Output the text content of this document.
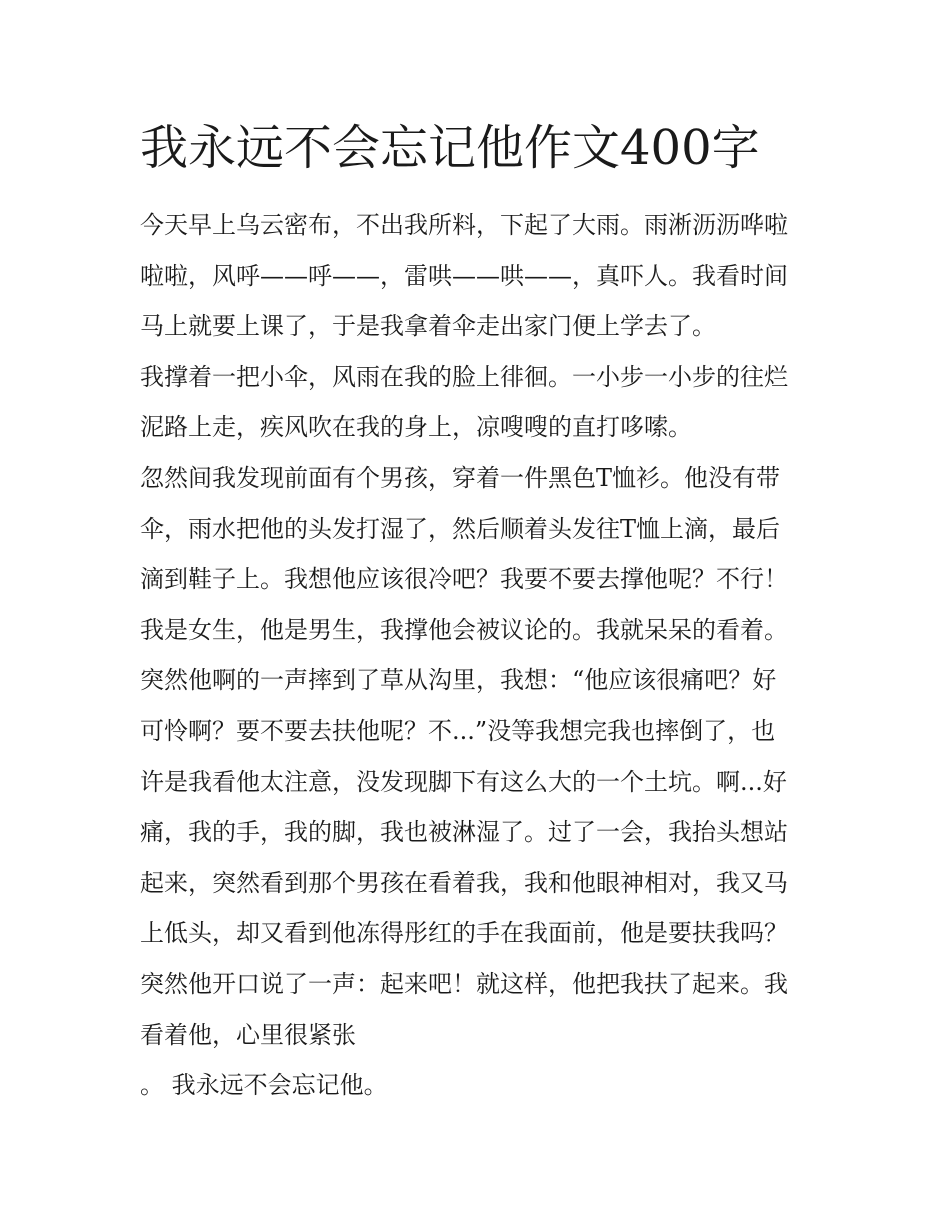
我永远不会忘记他作文400字
今天早上乌云密布，不出我所料，下起了大雨。雨淅沥沥哗啦
啦啦，风呼——呼——，雷哄——哄——，真吓人。我看时间
马上就要上课了，于是我拿着伞走出家门便上学去了。
我撑着一把小伞，风雨在我的脸上徘徊。一小步一小步的往烂
泥路上走，疾风吹在我的身上，凉嗖嗖的直打哆嗦。
忽然间我发现前面有个男孩，穿着一件黑色T恤衫。他没有带
伞，雨水把他的头发打湿了，然后顺着头发往T恤上滴，最后
滴到鞋子上。我想他应该很冷吧？我要不要去撑他呢？不行！
我是女生，他是男生，我撑他会被议论的。我就呆呆的看着。
突然他啊的一声摔到了草从沟里，我想：“他应该很痛吧？好
可怜啊？要不要去扶他呢？不...”没等我想完我也摔倒了，也
许是我看他太注意，没发现脚下有这么大的一个土坑。啊...好
痛，我的手，我的脚，我也被淋湿了。过了一会，我抬头想站
起来，突然看到那个男孩在看着我，我和他眼神相对，我又马
上低头，却又看到他冻得彤红的手在我面前，他是要扶我吗？
突然他开口说了一声：起来吧！就这样，他把我扶了起来。我
看着他，心里很紧张
。 我永远不会忘记他。
